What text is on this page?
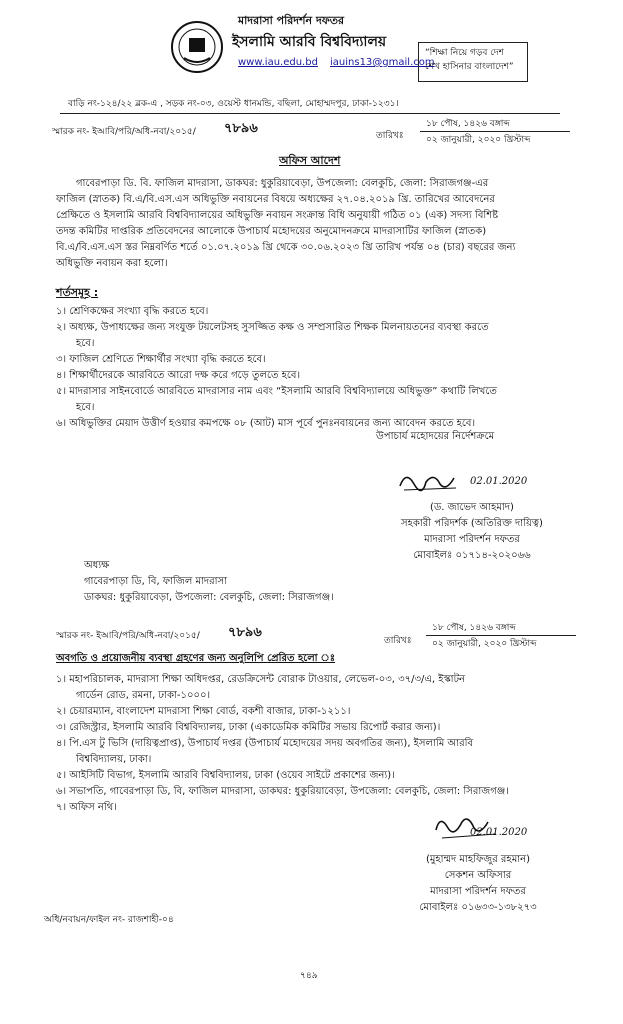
মাদরাসা পরিদর্শন দফতর
ইসলামি আরবি বিশ্ববিদ্যালয়
www.iau.edu.bd iauins13@gmail.com
“শিক্ষা নিয়ে গড়ব দেশ
শেখ হাসিনার বাংলাদেশ”
বাড়ি নং-১২৪/২২ ব্লক-এ , সড়ক নং-০৩, ওয়েস্ট ধানমন্ডি, বছিলা, মোহাম্মদপুর, ঢাকা-১২৩১।
স্মারক নং- ইআবি/পরি/অধি-নবা/২০১৫/ ৭৮৯৬	তারিখঃ
১৮ পৌষ, ১৪২৬ বঙ্গাব্দ
০২ জানুয়ারী, ২০২০ খ্রিস্টাব্দ
অফিস আদেশ
গাবেরপাড়া ডি. বি. ফাজিল মাদরাসা, ডাকঘর: ধুকুরিয়াবেড়া, উপজেলা: বেলকুচি, জেলা: সিরাজগঞ্জ-এর
ফাজিল (স্নাতক) বি.এ/বি.এস.এস অধিভুক্তি নবায়নের বিষয়ে অধ্যক্ষের ২৭.০৪.২০১৯ খ্রি. তারিখের আবেদনের
প্রেক্ষিতে ও ইসলামি আরবি বিশ্ববিদ্যালয়ের অধিভুক্তি নবায়ন সংক্রান্ত বিধি অনুযায়ী গঠিত ০১ (এক) সদস্য বিশিষ্ট
তদন্ত কমিটির দাপ্তরিক প্রতিবেদনের আলোকে উপাচার্য মহোদয়ের অনুমোদনক্রমে মাদরাসাটির ফাজিল (স্নাতক)
বি.এ/বি.এস.এস স্তর নিম্নবর্ণিত শর্তে ০১.০৭.২০১৯ খ্রি থেকে ৩০.০৬.২০২৩ খ্রি তারিখ পর্যন্ত ০৪ (চার) বছরের জন্য
অধিভুক্তি নবায়ন করা হলো।
শর্তসমূহ :
১। শ্রেণিকক্ষের সংখ্যা বৃদ্ধি করতে হবে।
২। অধ্যক্ষ, উপাধ্যক্ষের জন্য সংযুক্ত টয়লেটসহ সুসজ্জিত কক্ষ ও সম্প্রসারিত শিক্ষক মিলনায়তনের ব্যবস্থা করতে
হবে।
৩। ফাজিল শ্রেণিতে শিক্ষার্থীর সংখ্যা বৃদ্ধি করতে হবে।
৪। শিক্ষার্থীদেরকে আরবিতে আরো দক্ষ করে গড়ে তুলতে হবে।
৫। মাদরাসার সাইনবোর্ডে আরবিতে মাদরাসার নাম এবং “ইসলামি আরবি বিশ্ববিদ্যালয়ে অধিভুক্ত” কথাটি লিখতে
হবে।
৬। অধিভুক্তির মেয়াদ উত্তীর্ণ হওয়ার কমপক্ষে ০৮ (আট) মাস পূর্বে পুনঃনবায়নের জন্য আবেদন করতে হবে।
উপাচার্য মহোদয়ের নির্দেশক্রমে
02.01.2020
(ড. জাভেদ আহমাদ)
সহকারী পরিদর্শক (অতিরিক্ত দায়িত্ব)
মাদরাসা পরিদর্শন দফতর
মোবাইলঃ ০১৭১৪-২০২০৬৬
অধ্যক্ষ
গাবেরপাড়া ডি, বি, ফাজিল মাদরাসা
ডাকঘর: ধুকুরিয়াবেড়া, উপজেলা: বেলকুচি, জেলা: সিরাজগঞ্জ।
স্মারক নং- ইআবি/পরি/অধি-নবা/২০১৫/ ৭৮৯৬
তারিখঃ
১৮ পৌষ, ১৪২৬ বঙ্গাব্দ
০২ জানুয়ারী, ২০২০ খ্রিস্টাব্দ
অবগতি ও প্রয়োজনীয় ব্যবস্থা গ্রহণের জন্য অনুলিপি প্রেরিত হলো ঃ
১। মহাপরিচালক, মাদরাসা শিক্ষা অধিদপ্তর, রেডক্রিসেন্ট বোরাক টাওয়ার, লেভেল-০৩, ৩৭/৩/এ, ইস্কাটন
গার্ডেন রোড, রমনা, ঢাকা-১০০০।
২। চেয়ারম্যান, বাংলাদেশ মাদরাসা শিক্ষা বোর্ড, বকশী বাজার, ঢাকা-১২১১।
৩। রেজিস্ট্রার, ইসলামি আরবি বিশ্ববিদ্যালয়, ঢাকা (একাডেমিক কমিটির সভায় রিপোর্ট করার জন্য)।
৪। পি.এস টু ভিসি (দায়িত্বপ্রাপ্ত), উপাচার্য দপ্তর (উপাচার্য মহোদয়ের সদয় অবগতির জন্য), ইসলামি আরবি
বিশ্ববিদ্যালয়, ঢাকা।
৫। আইসিটি বিভাগ, ইসলামি আরবি বিশ্ববিদ্যালয়, ঢাকা (ওয়েব সাইটে প্রকাশের জন্য)।
৬। সভাপতি, গাবেরপাড়া ডি, বি, ফাজিল মাদরাসা, ডাকঘর: ধুকুরিয়াবেড়া, উপজেলা: বেলকুচি, জেলা: সিরাজগঞ্জ।
৭। অফিস নথি।
02.01.2020
(মুহাম্মদ মাহফিজুর রহমান)
সেকশন অফিসার
মাদরাসা পরিদর্শন দফতর
মোবাইলঃ ০১৬৩৩-১৩৮২৭৩
অধি/নবায়ন/ফাইল নং- রাজশাহী-০৪
৭৪৯
